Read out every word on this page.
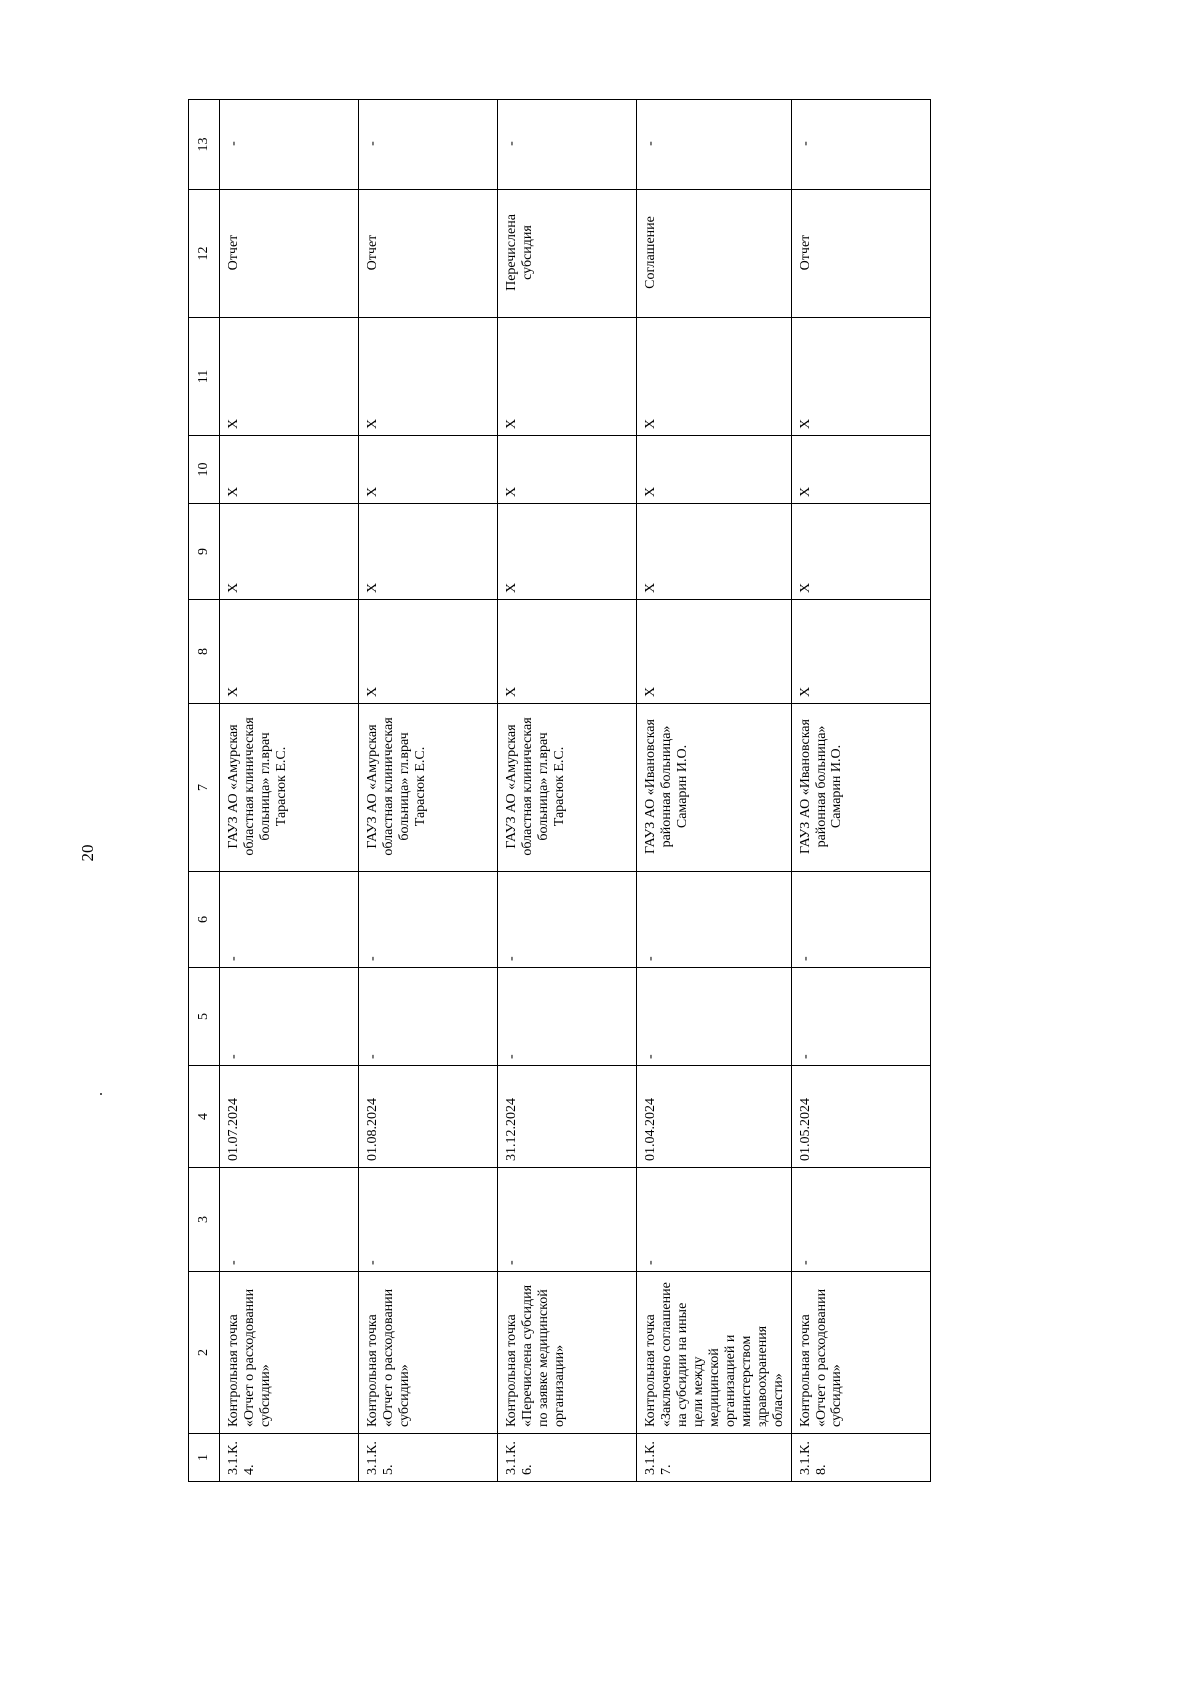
20
1	2	3	4	5	6	7	8	9	10	11	12	13
3.1.К.4.	Контрольная точка «Отчет о расходовании субсидии»	-	01.07.2024	-	-	ГАУЗ АО «Амурская областная клиническая больница» гл.врач Тарасюк Е.С.	X	X	X	X	Отчет	-
3.1.К.5.	Контрольная точка «Отчет о расходовании субсидии»	-	01.08.2024	-	-	ГАУЗ АО «Амурская областная клиническая больница» гл.врач Тарасюк Е.С.	X	X	X	X	Отчет	-
3.1.К.6.	Контрольная точка «Перечислена субсидия по заявке медицинской организации»	-	31.12.2024	-	-	ГАУЗ АО «Амурская областная клиническая больница» гл.врач Тарасюк Е.С.	X	X	X	X	Перечислена субсидия	-
3.1.К.7.	Контрольная точка «Заключено соглашение на субсидии на иные цели между медицинской организацией и министерством здравоохранения области»	-	01.04.2024	-	-	ГАУЗ АО «Ивановская районная больница» Самарин И.О.	X	X	X	X	Соглашение	-
3.1.К.8.	Контрольная точка «Отчет о расходовании субсидии»	-	01.05.2024	-	-	ГАУЗ АО «Ивановская районная больница» Самарин И.О.	X	X	X	X	Отчет	-
